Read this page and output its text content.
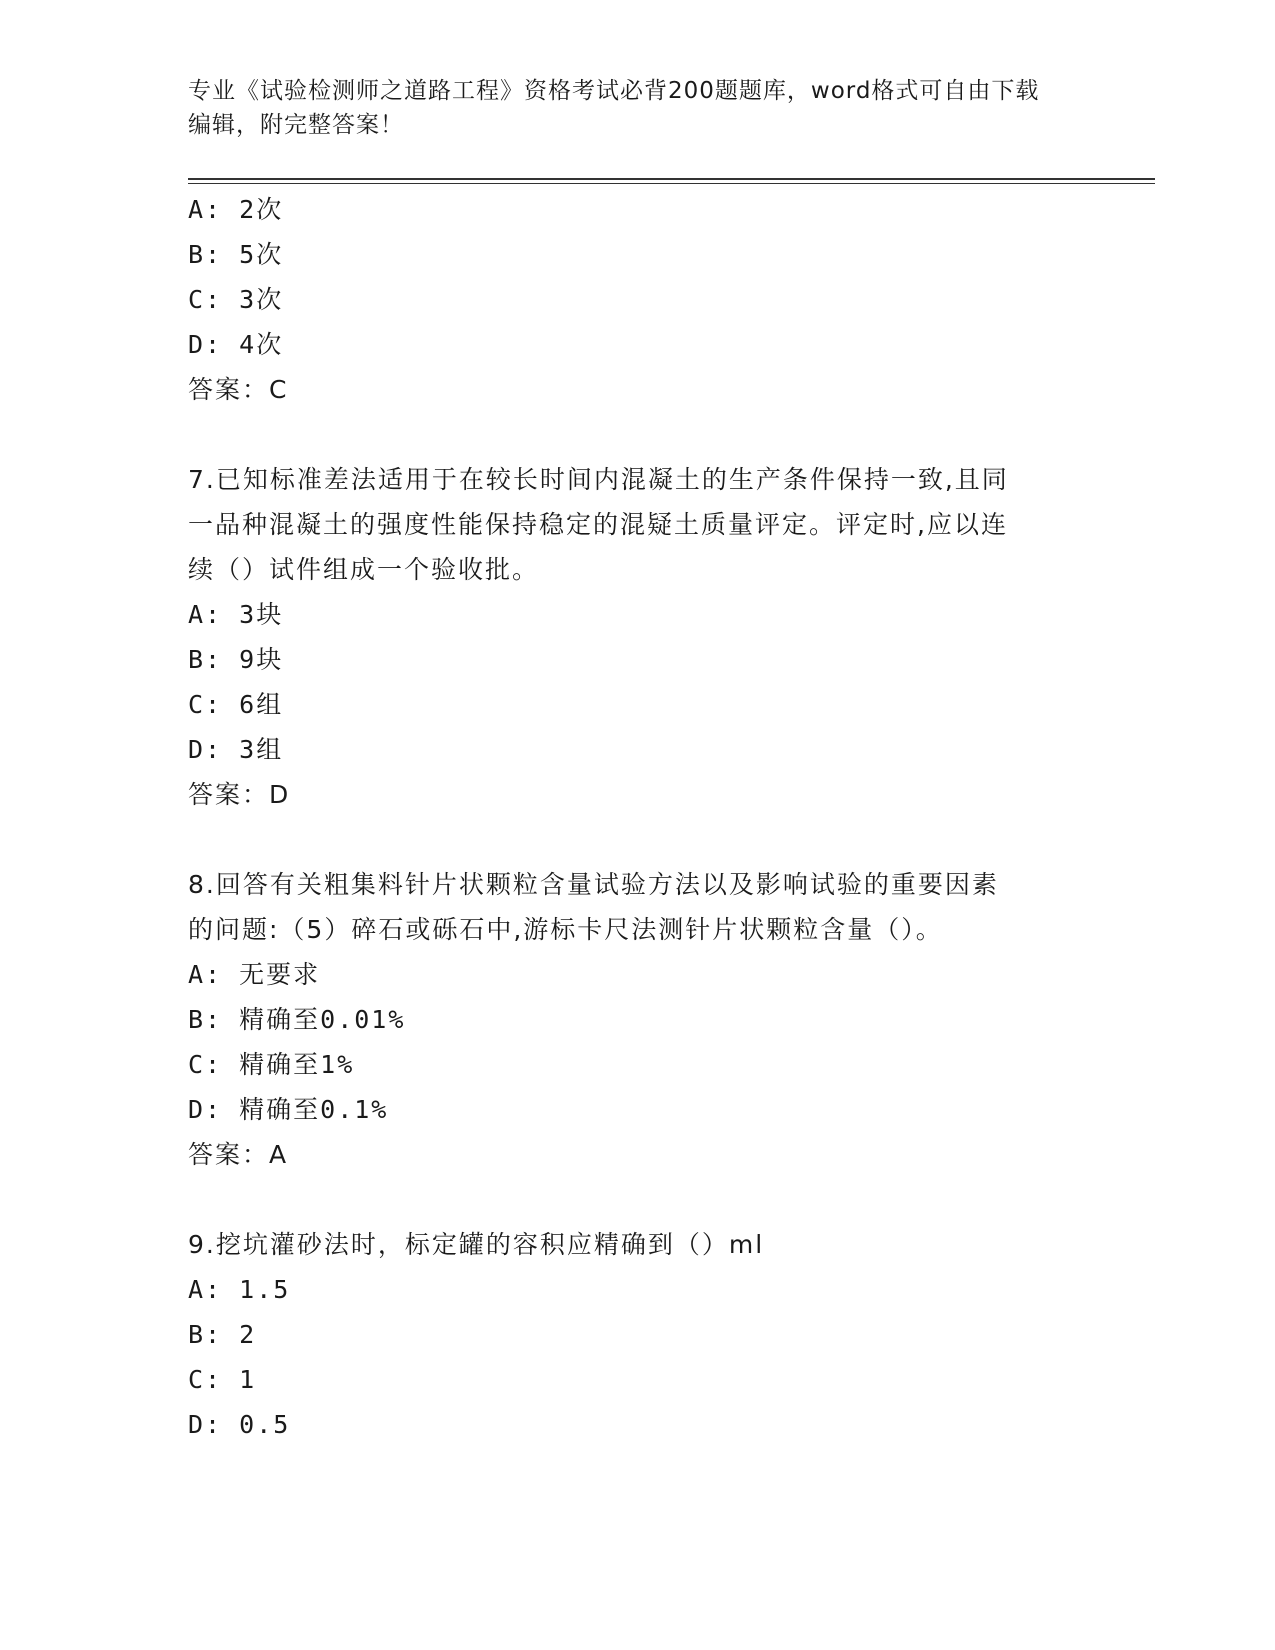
专业《试验检测师之道路工程》资格考试必背200题题库，word格式可自由下载
编辑，附完整答案！
A: 2次
B: 5次
C: 3次
D: 4次
答案：C
7.已知标准差法适用于在较长时间内混凝土的生产条件保持一致,且同
一品种混凝土的强度性能保持稳定的混疑土质量评定。评定时,应以连
续（）试件组成一个验收批。
A: 3块
B: 9块
C: 6组
D: 3组
答案：D
8.回答有关粗集料针片状颗粒含量试验方法以及影响试验的重要因素
的问题:（5）碎石或砾石中,游标卡尺法测针片状颗粒含量（）。
A: 无要求
B: 精确至0.01%
C: 精确至1%
D: 精确至0.1%
答案：A
9.挖坑灌砂法时，标定罐的容积应精确到（）ml
A: 1.5
B: 2
C: 1
D: 0.5
